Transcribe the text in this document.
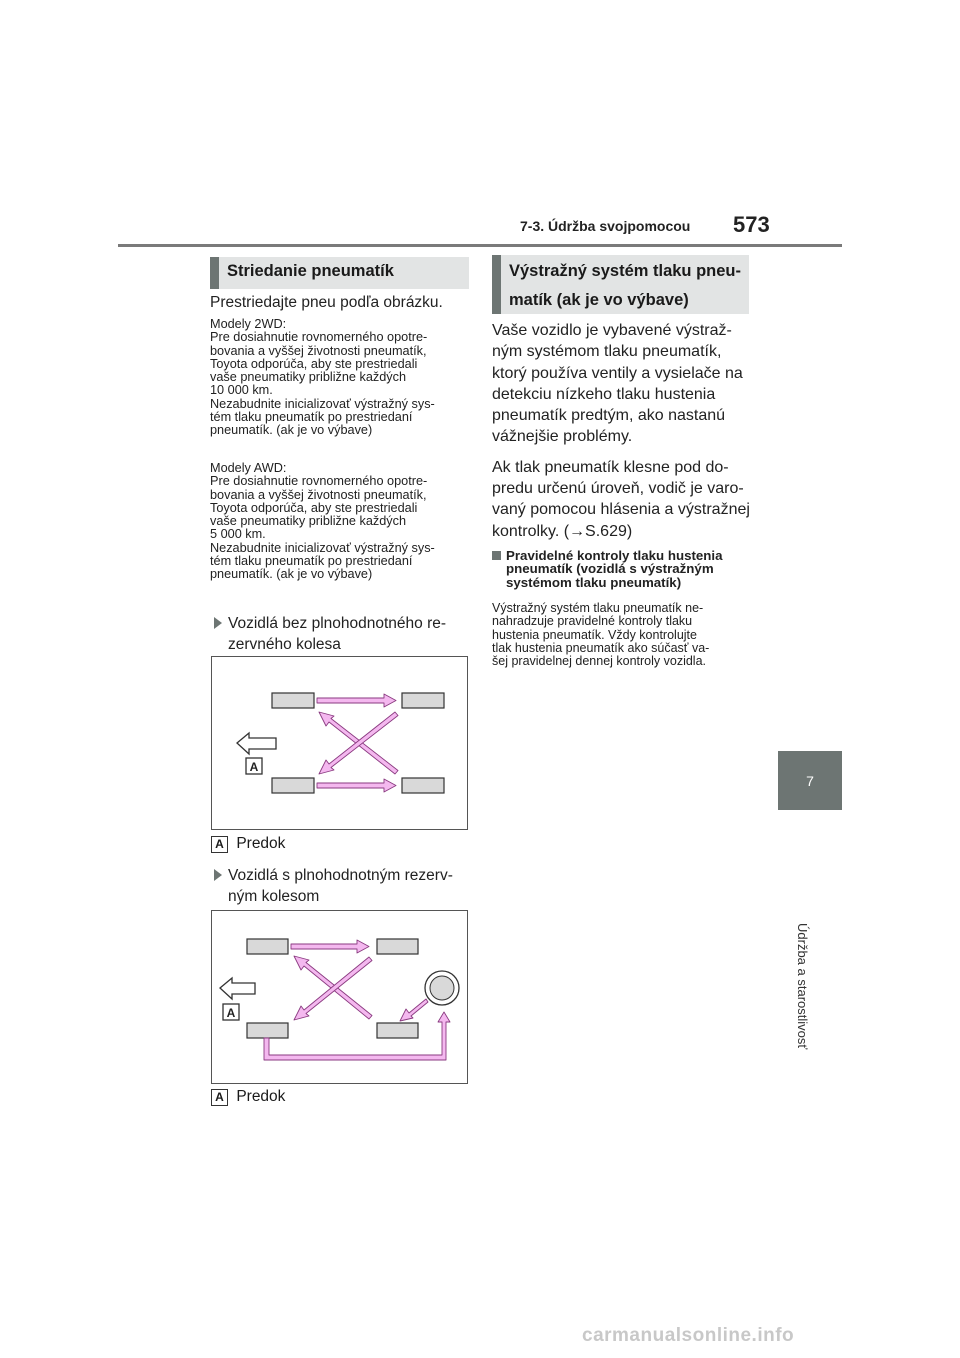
7-3. Údržba svojpomocou 573
7
Údržba a starostlivosť
Striedanie pneumatík
Prestriedajte pneu podľa obrázku.
Modely 2WD:
Pre dosiahnutie rovnomerného opotre-
bovania a vyššej životnosti pneumatík,
Toyota odporúča, aby ste prestriedali
vaše pneumatiky približne každých
10 000 km.
Nezabudnite inicializovať výstražný sys-
tém tlaku pneumatík po prestriedaní
pneumatík. (ak je vo výbave)
Modely AWD:
Pre dosiahnutie rovnomerného opotre-
bovania a vyššej životnosti pneumatík,
Toyota odporúča, aby ste prestriedali
vaše pneumatiky približne každých
5 000 km.
Nezabudnite inicializovať výstražný sys-
tém tlaku pneumatík po prestriedaní
pneumatík. (ak je vo výbave)
Vozidlá bez plnohodnotného re-
zervného kolesa
A
A Predok
Vozidlá s plnohodnotným rezerv-
ným kolesom
A
A Predok
Výstražný systém tlaku pneu-
matík (ak je vo výbave)

Vaše vozidlo je vybavené výstraž-
ným systémom tlaku pneumatík,
ktorý používa ventily a vysielače na
detekciu nízkeho tlaku hustenia
pneumatík predtým, ako nastanú
vážnejšie problémy.

Ak tlak pneumatík klesne pod do-
predu určenú úroveň, vodič je varo-
vaný pomocou hlásenia a výstražnej
kontrolky. (→S.629)

Pravidelné kontroly tlaku hustenia
pneumatík (vozidlá s výstražným
systémom tlaku pneumatík)
Výstražný systém tlaku pneumatík ne-
nahradzuje pravidelné kontroly tlaku
hustenia pneumatík. Vždy kontrolujte
tlak hustenia pneumatík ako súčasť va-
šej pravidelnej dennej kontroly vozidla.
carmanualsonline.info
